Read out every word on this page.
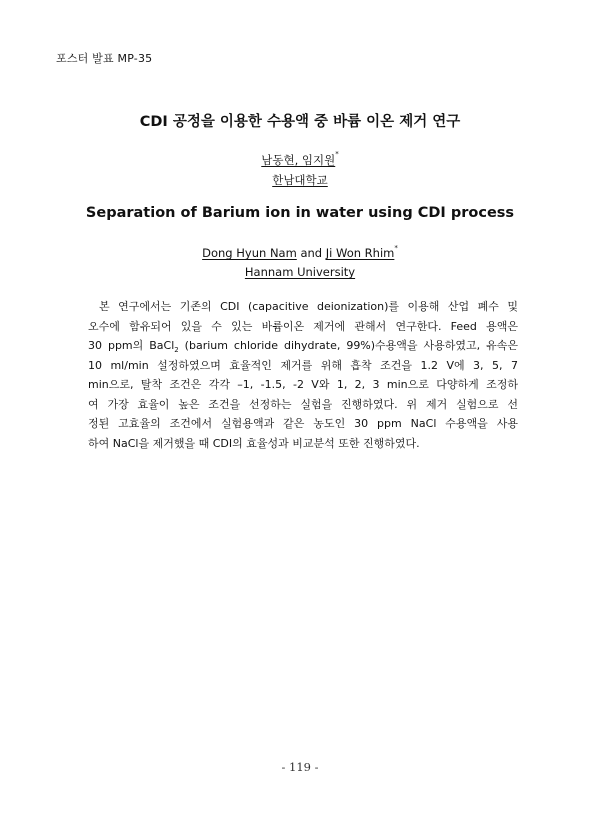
포스터 발표 MP-35
CDI 공정을 이용한 수용액 중 바륨 이온 제거 연구
남동현, 임지원*
한남대학교
Separation of Barium ion in water using CDI process
Dong Hyun Nam and Ji Won Rhim*
Hannam University
본 연구에서는 기존의 CDI (capacitive deionization)를 이용해 산업 폐수 및
오수에 함유되어 있을 수 있는 바륨이온 제거에 관해서 연구한다. Feed 용액은
30 ppm의 BaCl$_2$ (barium chloride dihydrate, 99%)수용액을 사용하였고, 유속은
10 ml/min 설정하였으며 효율적인 제거를 위해 흡착 조건을 1.2 V에 3, 5, 7
min으로, 탈착 조건은 각각 –1, -1.5, -2 V와 1, 2, 3 min으로 다양하게 조정하
여 가장 효율이 높은 조건을 선정하는 실험을 진행하였다. 위 제거 실험으로 선
정된 고효율의 조건에서 실험용액과 같은 농도인 30 ppm NaCl 수용액을 사용
하여 NaCl을 제거했을 때 CDI의 효율성과 비교분석 또한 진행하였다.
- 119 -
